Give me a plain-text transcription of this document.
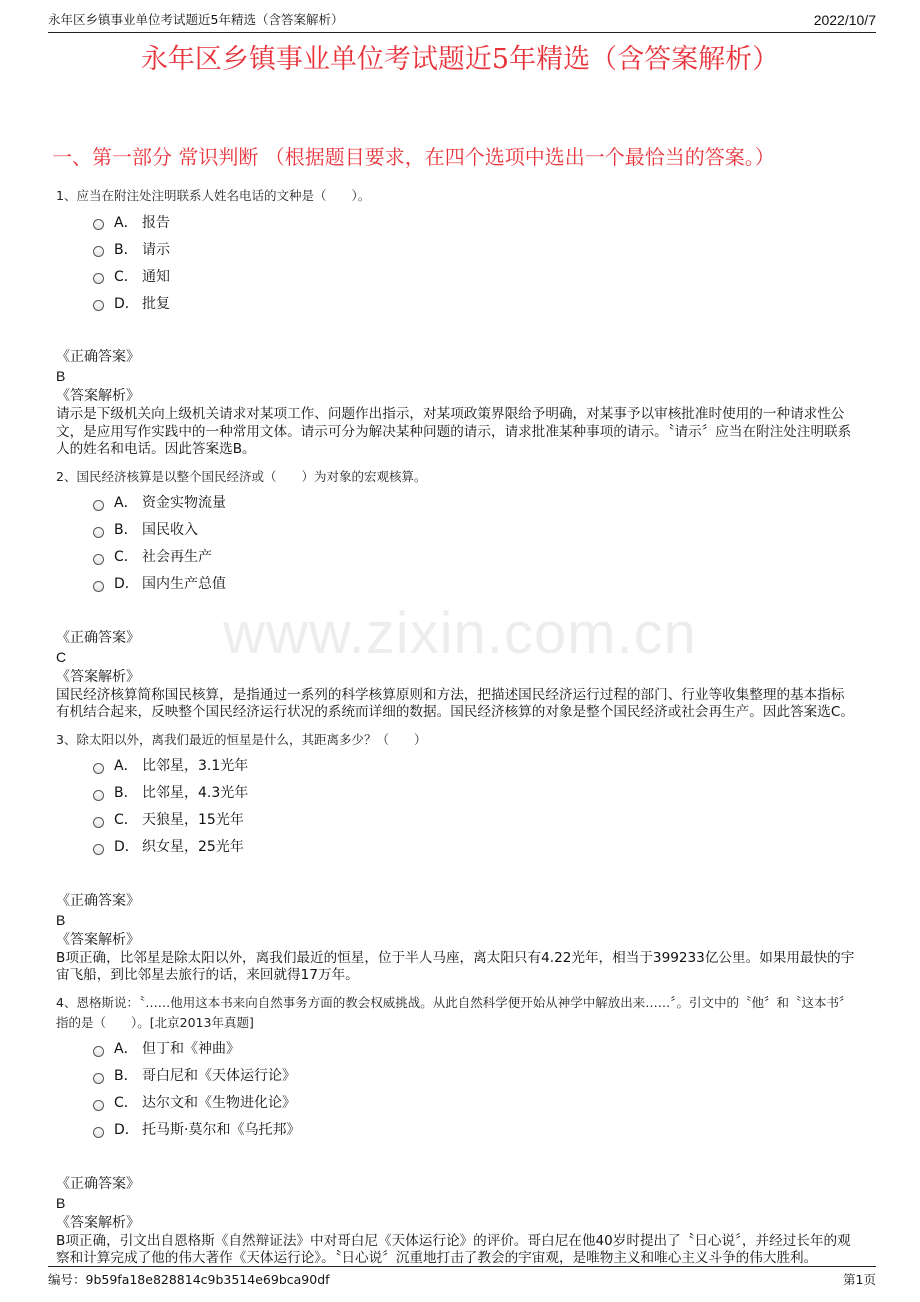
永年区乡镇事业单位考试题近5年精选（含答案解析）	2022/10/7
永年区乡镇事业单位考试题近5年精选（含答案解析）
一、第一部分 常识判断 （根据题目要求，在四个选项中选出一个最恰当的答案。）
www.zixin.com.cn
1、应当在附注处注明联系人姓名电话的文种是（　　）。
A． 报告
B． 请示
C． 通知
D． 批复
《正确答案》
B
《答案解析》
请示是下级机关向上级机关请求对某项工作、问题作出指示，对某项政策界限给予明确，对某事予以审核批准时使用的一种请求性公文，是应用写作实践中的一种常用文体。请示可分为解决某种问题的请示，请求批准某种事项的请示。〝请示〞应当在附注处注明联系人的姓名和电话。因此答案选B。
2、国民经济核算是以整个国民经济或（　　）为对象的宏观核算。
A． 资金实物流量
B． 国民收入
C． 社会再生产
D． 国内生产总值
《正确答案》
C
《答案解析》
国民经济核算简称国民核算，是指通过一系列的科学核算原则和方法，把描述国民经济运行过程的部门、行业等收集整理的基本指标有机结合起来，反映整个国民经济运行状况的系统而详细的数据。国民经济核算的对象是整个国民经济或社会再生产。因此答案选C。
3、除太阳以外，离我们最近的恒星是什么，其距离多少？（　　）
A． 比邻星，3.1光年
B． 比邻星，4.3光年
C． 天狼星，15光年
D． 织女星，25光年
《正确答案》
B
《答案解析》
B项正确，比邻星是除太阳以外，离我们最近的恒星，位于半人马座，离太阳只有4.22光年，相当于399233亿公里。如果用最快的宇宙飞船，到比邻星去旅行的话，来回就得17万年。
4、恩格斯说：〝……他用这本书来向自然事务方面的教会权威挑战。从此自然科学便开始从神学中解放出来……〞。引文中的〝他〞和〝这本书〞指的是（　　）。[北京2013年真题]
A． 但丁和《神曲》
B． 哥白尼和《天体运行论》
C． 达尔文和《生物进化论》
D． 托马斯·莫尔和《乌托邦》
《正确答案》
B
《答案解析》
B项正确，引文出自恩格斯《自然辩证法》中对哥白尼《天体运行论》的评价。哥白尼在他40岁时提出了〝日心说〞，并经过长年的观察和计算完成了他的伟大著作《天体运行论》。〝日心说〞沉重地打击了教会的宇宙观，是唯物主义和唯心主义斗争的伟大胜利。
编号：9b59fa18e828814c9b3514e69bca90df	第1页
